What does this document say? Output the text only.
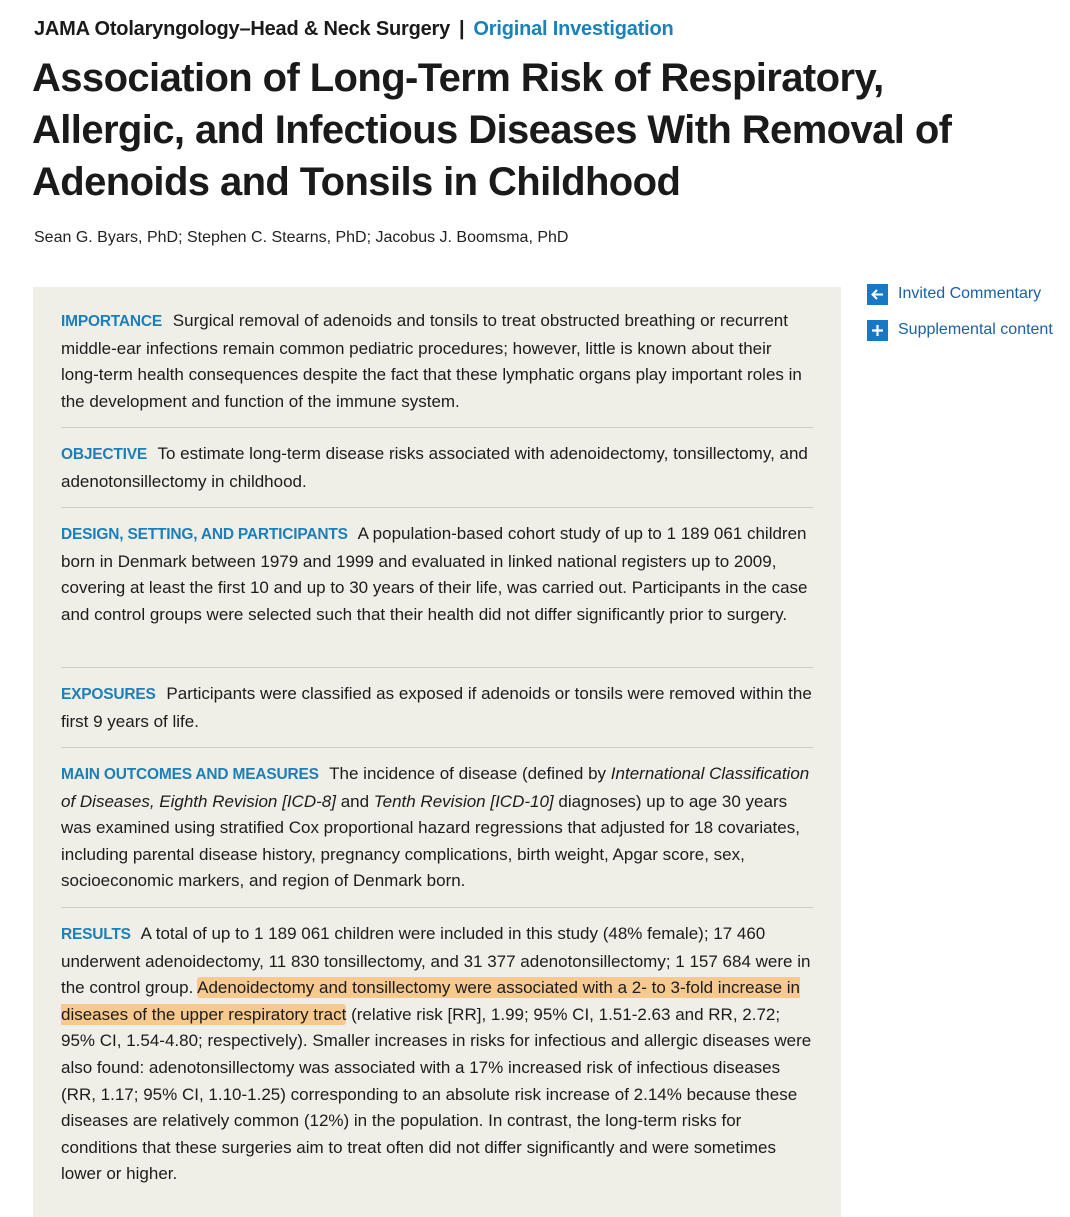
JAMA Otolaryngology–Head & Neck Surgery | Original Investigation
Association of Long-Term Risk of Respiratory, Allergic, and Infectious Diseases With Removal of Adenoids and Tonsils in Childhood
Sean G. Byars, PhD; Stephen C. Stearns, PhD; Jacobus J. Boomsma, PhD
Invited Commentary
Supplemental content
IMPORTANCE Surgical removal of adenoids and tonsils to treat obstructed breathing or recurrent middle-ear infections remain common pediatric procedures; however, little is known about their long-term health consequences despite the fact that these lymphatic organs play important roles in the development and function of the immune system.
OBJECTIVE To estimate long-term disease risks associated with adenoidectomy, tonsillectomy, and adenotonsillectomy in childhood.
DESIGN, SETTING, AND PARTICIPANTS A population-based cohort study of up to 1 189 061 children born in Denmark between 1979 and 1999 and evaluated in linked national registers up to 2009, covering at least the first 10 and up to 30 years of their life, was carried out. Participants in the case and control groups were selected such that their health did not differ significantly prior to surgery.
EXPOSURES Participants were classified as exposed if adenoids or tonsils were removed within the first 9 years of life.
MAIN OUTCOMES AND MEASURES The incidence of disease (defined by International Classification of Diseases, Eighth Revision [ICD-8] and Tenth Revision [ICD-10] diagnoses) up to age 30 years was examined using stratified Cox proportional hazard regressions that adjusted for 18 covariates, including parental disease history, pregnancy complications, birth weight, Apgar score, sex, socioeconomic markers, and region of Denmark born.
RESULTS A total of up to 1 189 061 children were included in this study (48% female); 17 460 underwent adenoidectomy, 11 830 tonsillectomy, and 31 377 adenotonsillectomy; 1 157 684 were in the control group. Adenoidectomy and tonsillectomy were associated with a 2- to 3-fold increase in diseases of the upper respiratory tract (relative risk [RR], 1.99; 95% CI, 1.51-2.63 and RR, 2.72; 95% CI, 1.54-4.80; respectively). Smaller increases in risks for infectious and allergic diseases were also found: adenotonsillectomy was associated with a 17% increased risk of infectious diseases (RR, 1.17; 95% CI, 1.10-1.25) corresponding to an absolute risk increase of 2.14% because these diseases are relatively common (12%) in the population. In contrast, the long-term risks for conditions that these surgeries aim to treat often did not differ significantly and were sometimes lower or higher.
